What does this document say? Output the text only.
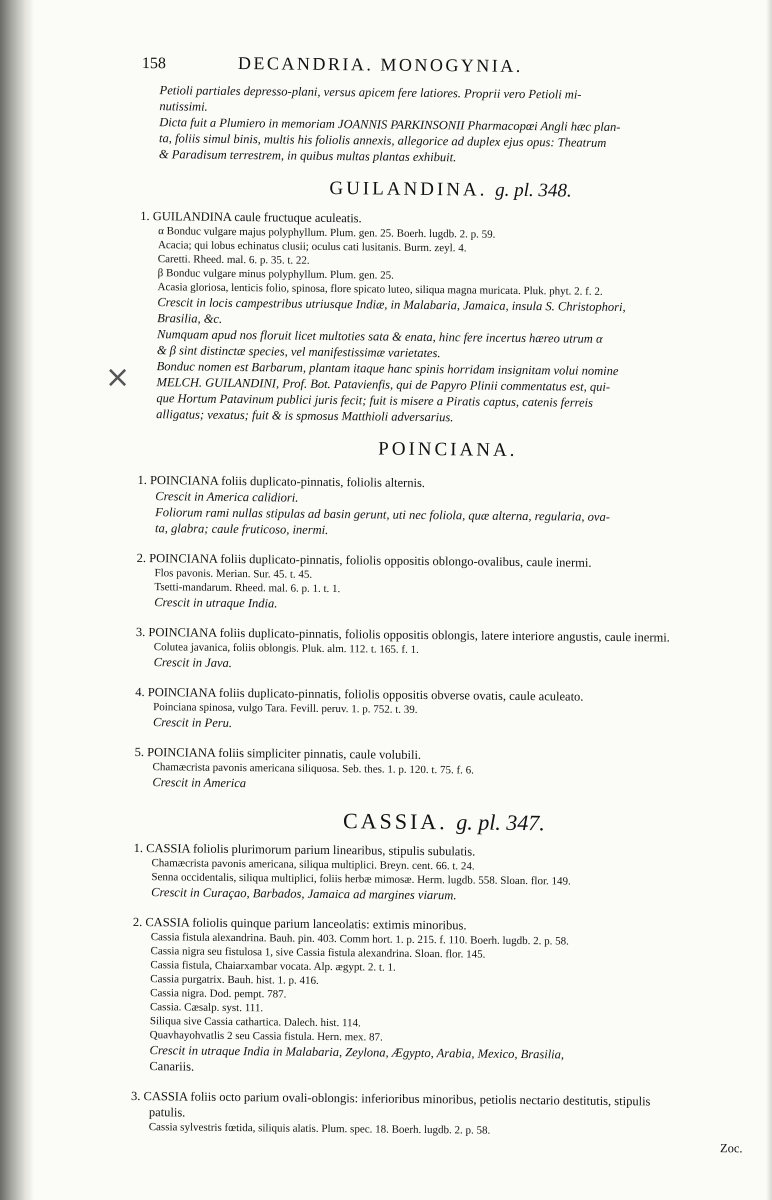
×
158	DECANDRIA. MONOGYNIA.
Petioli partiales depresso-plani, versus apicem fere latiores. Proprii vero Petioli mi-
nutissimi.
Dicta fuit a Plumiero in memoriam JOANNIS PARKINSONII Pharmacopœi Angli hæc plan-
ta, foliis simul binis, multis his foliolis annexis, allegorice ad duplex ejus opus: Theatrum
& Paradisum terrestrem, in quibus multas plantas exhibuit.
GUILANDINA. g. pl. 348.
1. GUILANDINA caule fructuque aculeatis.
α Bonduc vulgare majus polyphyllum. Plum. gen. 25. Boerh. lugdb. 2. p. 59.
Acacia; qui lobus echinatus clusii; oculus cati lusitanis. Burm. zeyl. 4.
Caretti. Rheed. mal. 6. p. 35. t. 22.
β Bonduc vulgare minus polyphyllum. Plum. gen. 25.
Acasia gloriosa, lenticis folio, spinosa, flore spicato luteo, siliqua magna muricata. Pluk. phyt. 2. f. 2.
Crescit in locis campestribus utriusque Indiæ, in Malabaria, Jamaica, insula S. Christophori,
Brasilia, &c.
Numquam apud nos floruit licet multoties sata & enata, hinc fere incertus hæreo utrum α
& β sint distinctæ species, vel manifestissimæ varietates.
Bonduc nomen est Barbarum, plantam itaque hanc spinis horridam insignitam volui nomine
MELCH. GUILANDINI, Prof. Bot. Patavienfis, qui de Papyro Plinii commentatus est, qui-
que Hortum Patavinum publici juris fecit; fuit is misere a Piratis captus, catenis ferreis
alligatus; vexatus; fuit & is spmosus Matthioli adversarius.
POINCIANA.
1. POINCIANA foliis duplicato-pinnatis, foliolis alternis.
Crescit in America calidiori.
Foliorum rami nullas stipulas ad basin gerunt, uti nec foliola, quæ alterna, regularia, ova-
ta, glabra; caule fruticoso, inermi.
2. POINCIANA foliis duplicato-pinnatis, foliolis oppositis oblongo-ovalibus, caule inermi.
Flos pavonis. Merian. Sur. 45. t. 45.
Tsetti-mandarum. Rheed. mal. 6. p. 1. t. 1.
Crescit in utraque India.
3. POINCIANA foliis duplicato-pinnatis, foliolis oppositis oblongis, latere interiore angustis, caule inermi.
Colutea javanica, foliis oblongis. Pluk. alm. 112. t. 165. f. 1.
Crescit in Java.
4. POINCIANA foliis duplicato-pinnatis, foliolis oppositis obverse ovatis, caule aculeato.
Poinciana spinosa, vulgo Tara. Fevill. peruv. 1. p. 752. t. 39.
Crescit in Peru.
5. POINCIANA foliis simpliciter pinnatis, caule volubili.
Chamæcrista pavonis americana siliquosa. Seb. thes. 1. p. 120. t. 75. f. 6.
Crescit in America
CASSIA. g. pl. 347.
1. CASSIA foliolis plurimorum parium linearibus, stipulis subulatis.
Chamæcrista pavonis americana, siliqua multiplici. Breyn. cent. 66. t. 24.
Senna occidentalis, siliqua multiplici, foliis herbæ mimosæ. Herm. lugdb. 558. Sloan. flor. 149.
Crescit in Curaçao, Barbados, Jamaica ad margines viarum.
2. CASSIA foliolis quinque parium lanceolatis: extimis minoribus.
Cassia fistula alexandrina. Bauh. pin. 403. Comm hort. 1. p. 215. f. 110. Boerh. lugdb. 2. p. 58.
Cassia nigra seu fistulosa 1, sive Cassia fistula alexandrina. Sloan. flor. 145.
Cassia fistula, Chaiarxambar vocata. Alp. ægypt. 2. t. 1.
Cassia purgatrix. Bauh. hist. 1. p. 416.
Cassia nigra. Dod. pempt. 787.
Cassia. Cæsalp. syst. 111.
Siliqua sive Cassia cathartica. Dalech. hist. 114.
Quavhayohvatlis 2 seu Cassia fistula. Hern. mex. 87.
Crescit in utraque India in Malabaria, Zeylona, Ægypto, Arabia, Mexico, Brasilia,
Canariis.
3. CASSIA foliis octo parium ovali-oblongis: inferioribus minoribus, petiolis nectario destitutis, stipulis
patulis.
Cassia sylvestris fœtida, siliquis alatis. Plum. spec. 18. Boerh. lugdb. 2. p. 58.
Zoc.
